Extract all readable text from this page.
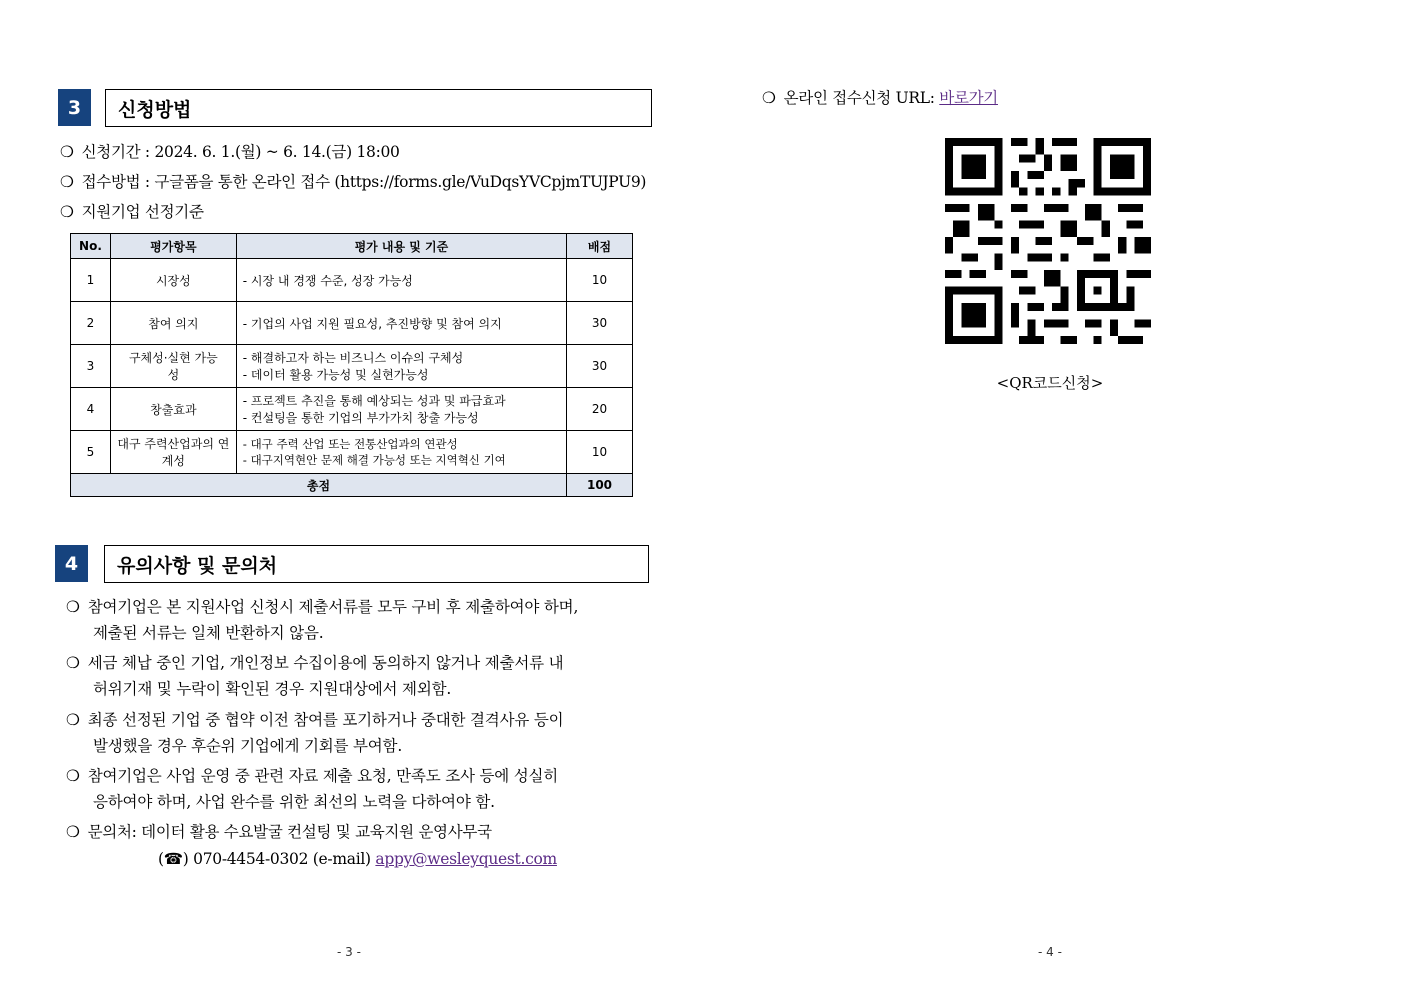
3	신청방법
❍ 신청기간 : 2024. 6. 1.(월) ~ 6. 14.(금) 18:00
❍ 접수방법 : 구글폼을 통한 온라인 접수 (https://forms.gle/VuDqsYVCpjmTUJPU9)
❍ 지원기업 선정기준
No.	평가항목	평가 내용 및 기준	배점
1	시장성	- 시장 내 경쟁 수준, 성장 가능성	10
2	참여 의지	- 기업의 사업 지원 필요성, 추진방향 및 참여 의지	30
3	구체성·실현 가능성	- 해결하고자 하는 비즈니스 이슈의 구체성
- 데이터 활용 가능성 및 실현가능성	30
4	창출효과	- 프로젝트 추진을 통해 예상되는 성과 및 파급효과
- 컨설팅을 통한 기업의 부가가치 창출 가능성	20
5	대구 주력산업과의 연계성	- 대구 주력 산업 또는 전통산업과의 연관성
- 대구지역현안 문제 해결 가능성 또는 지역혁신 기여	10
총점			100
4	유의사항 및 문의처
❍ 참여기업은 본 지원사업 신청시 제출서류를 모두 구비 후 제출하여야 하며,
제출된 서류는 일체 반환하지 않음.
❍ 세금 체납 중인 기업, 개인정보 수집이용에 동의하지 않거나 제출서류 내
허위기재 및 누락이 확인된 경우 지원대상에서 제외함.
❍ 최종 선정된 기업 중 협약 이전 참여를 포기하거나 중대한 결격사유 등이
발생했을 경우 후순위 기업에게 기회를 부여함.
❍ 참여기업은 사업 운영 중 관련 자료 제출 요청, 만족도 조사 등에 성실히
응하여야 하며, 사업 완수를 위한 최선의 노력을 다하여야 함.
❍ 문의처: 데이터 활용 수요발굴 컨설팅 및 교육지원 운영사무국
(☎) 070-4454-0302 (e-mail) appy@wesleyquest.com
- 3 -
❍ 온라인 접수신청 URL: 바로가기
<QR코드신청>
- 4 -
